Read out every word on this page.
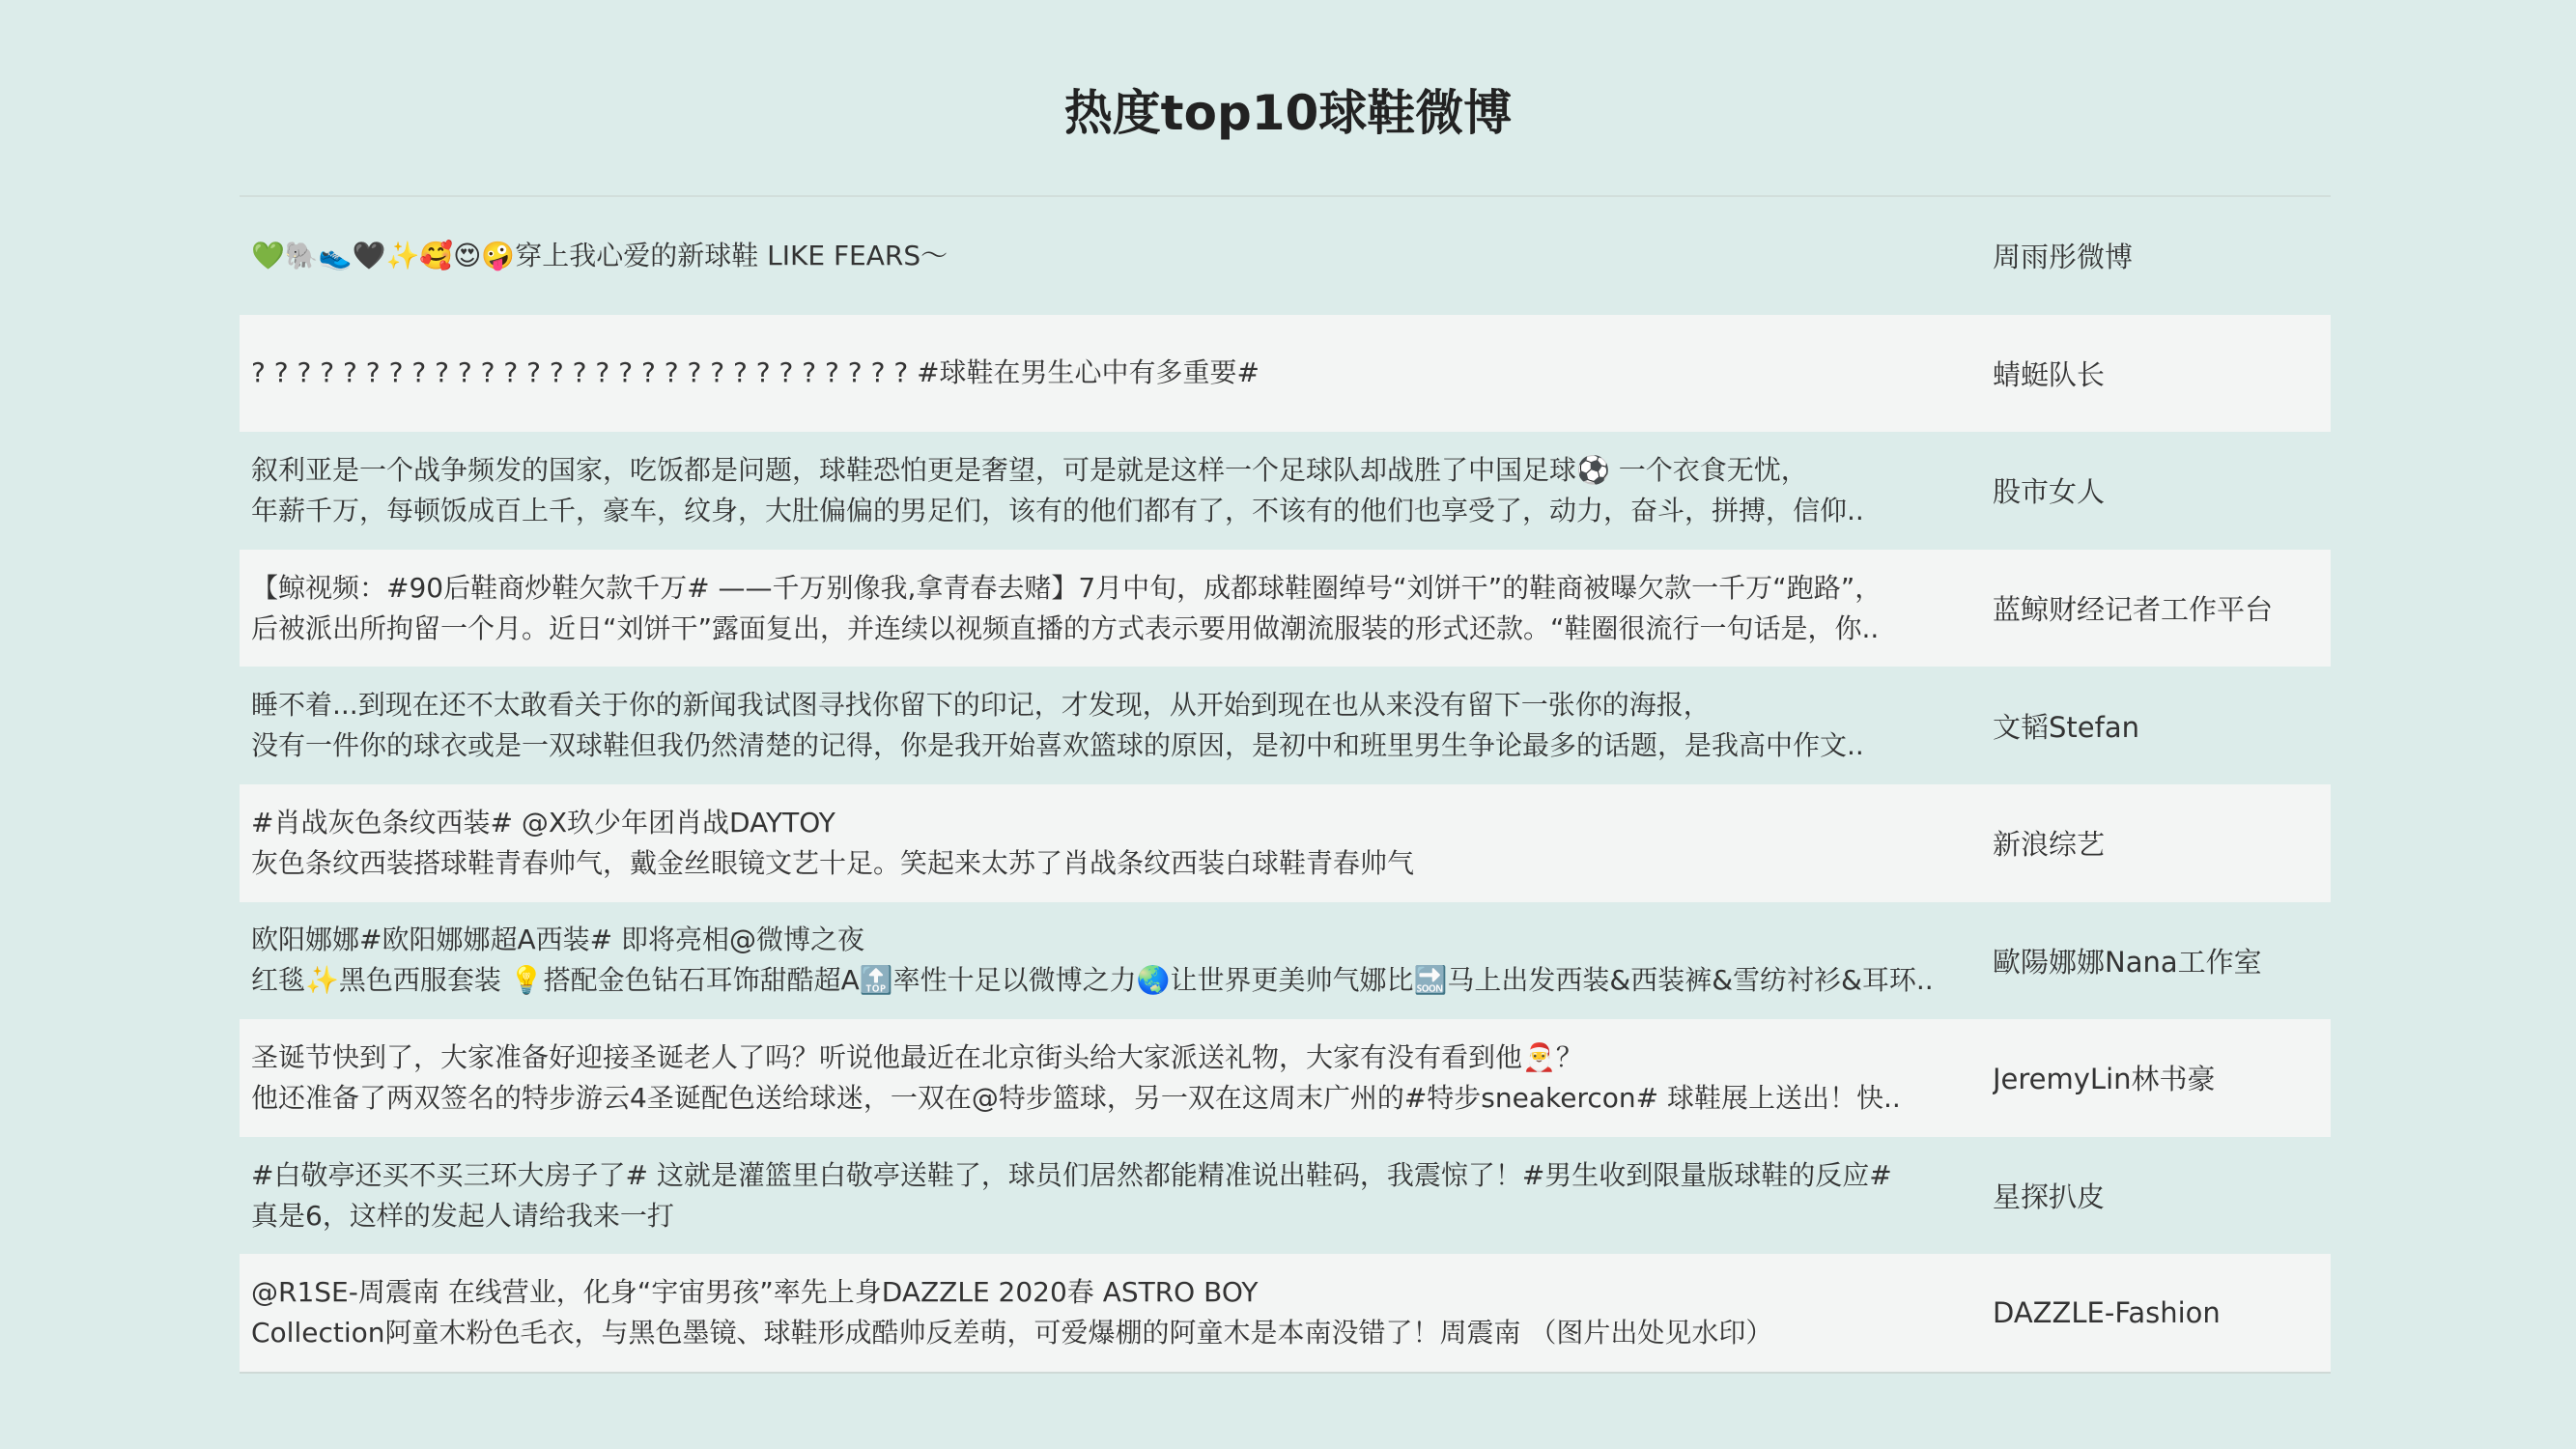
热度top10球鞋微博
💚🐘👟🖤✨🥰😍🤪穿上我心爱的新球鞋 LIKE FEARS～	周雨彤微博
? ? ? ? ? ? ? ? ? ? ? ? ? ? ? ? ? ? ? ? ? ? ? ? ? ? ? ? ? #球鞋在男生心中有多重要#	蜻蜓队长
叙利亚是一个战争频发的国家，吃饭都是问题，球鞋恐怕更是奢望，可是就是这样一个足球队却战胜了中国足球⚽️ 一个衣食无忧，
年薪千万，每顿饭成百上千，豪车，纹身，大肚偏偏的男足们，该有的他们都有了，不该有的他们也享受了，动力，奋斗，拼搏，信仰..
股市女人
【鲸视频：#90后鞋商炒鞋欠款千万# ——千万别像我,拿青春去赌】7月中旬，成都球鞋圈绰号“刘饼干”的鞋商被曝欠款一千万“跑路”，
后被派出所拘留一个月。近日“刘饼干”露面复出，并连续以视频直播的方式表示要用做潮流服装的形式还款。“鞋圈很流行一句话是，你..
蓝鲸财经记者工作平台
睡不着...到现在还不太敢看关于你的新闻我试图寻找你留下的印记，才发现，从开始到现在也从来没有留下一张你的海报，
没有一件你的球衣或是一双球鞋但我仍然清楚的记得，你是我开始喜欢篮球的原因，是初中和班里男生争论最多的话题，是我高中作文..
文韬Stefan
#肖战灰色条纹西装# @X玖少年团肖战DAYTOY
灰色条纹西装搭球鞋青春帅气，戴金丝眼镜文艺十足。笑起来太苏了肖战条纹西装白球鞋青春帅气
新浪综艺
欧阳娜娜#欧阳娜娜超A西装# 即将亮相@微博之夜
红毯✨黑色西服套装 💡搭配金色钻石耳饰甜酷超A🔝率性十足以微博之力🌏让世界更美帅气娜比🔜马上出发西装&西装裤&雪纺衬衫&耳环..
歐陽娜娜Nana工作室
圣诞节快到了，大家准备好迎接圣诞老人了吗？听说他最近在北京街头给大家派送礼物，大家有没有看到他🎅？
他还准备了两双签名的特步游云4圣诞配色送给球迷，一双在@特步篮球，另一双在这周末广州的#特步sneakercon# 球鞋展上送出！快..
JeremyLin林书豪
#白敬亭还买不买三环大房子了# 这就是灌篮里白敬亭送鞋了，球员们居然都能精准说出鞋码，我震惊了！#男生收到限量版球鞋的反应#
真是6，这样的发起人请给我来一打
星探扒皮
@R1SE-周震南 在线营业，化身“宇宙男孩”率先上身DAZZLE 2020春 ASTRO BOY
Collection阿童木粉色毛衣，与黑色墨镜、球鞋形成酷帅反差萌，可爱爆棚的阿童木是本南没错了！周震南 （图片出处见水印）
DAZZLE-Fashion
